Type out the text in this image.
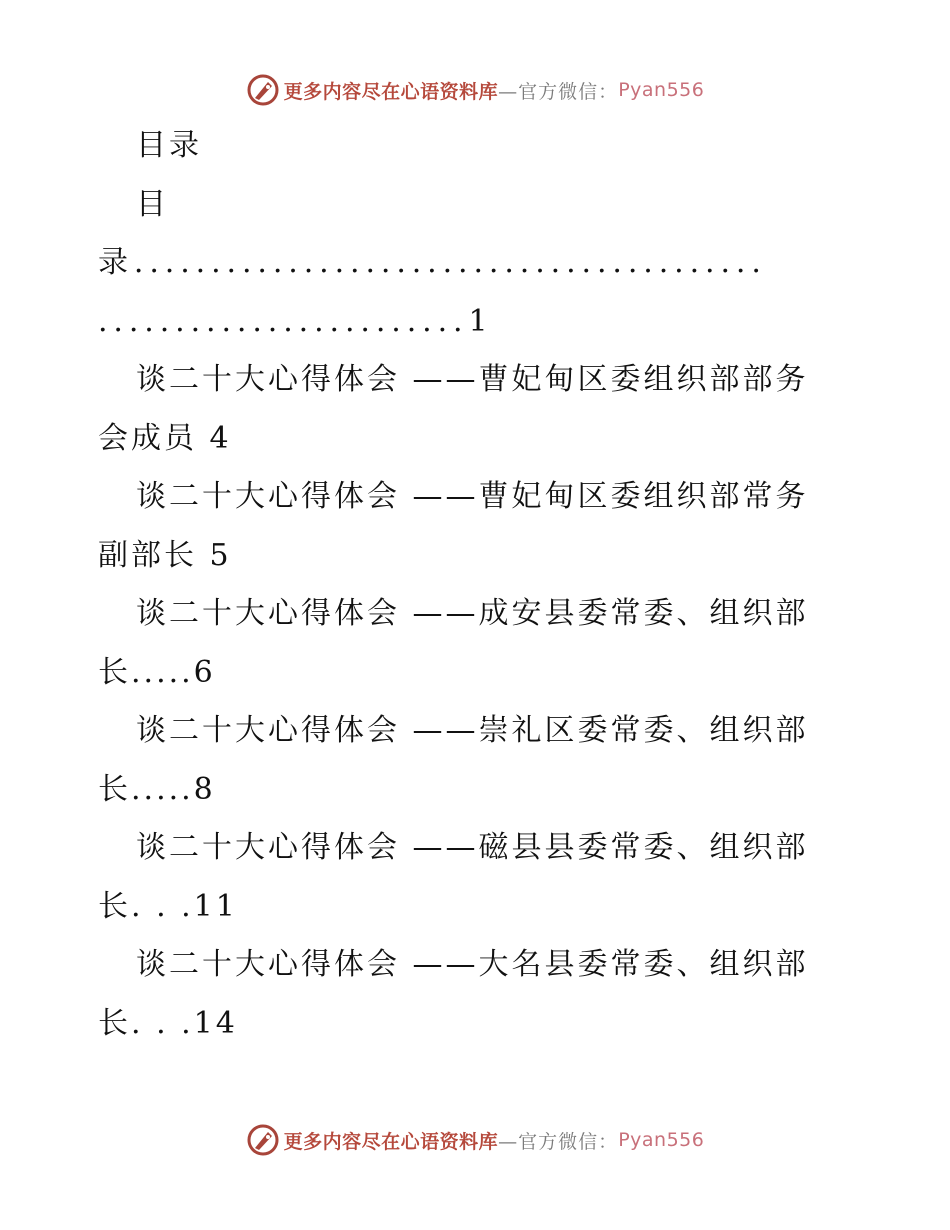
更多内容尽在心语资料库 —官方微信： Pyan556
目录
目
录.........................................
........................1
谈二十大心得体会 ——曹妃甸区委组织部部务
会成员 4
谈二十大心得体会 ——曹妃甸区委组织部常务
副部长 5
谈二十大心得体会 ——成安县委常委、组织部
长.....6
谈二十大心得体会 ——崇礼区委常委、组织部
长.....8
谈二十大心得体会 ——磁县县委常委、组织部
长. . .11
谈二十大心得体会 ——大名县委常委、组织部
长. . .14
更多内容尽在心语资料库 —官方微信： Pyan556
